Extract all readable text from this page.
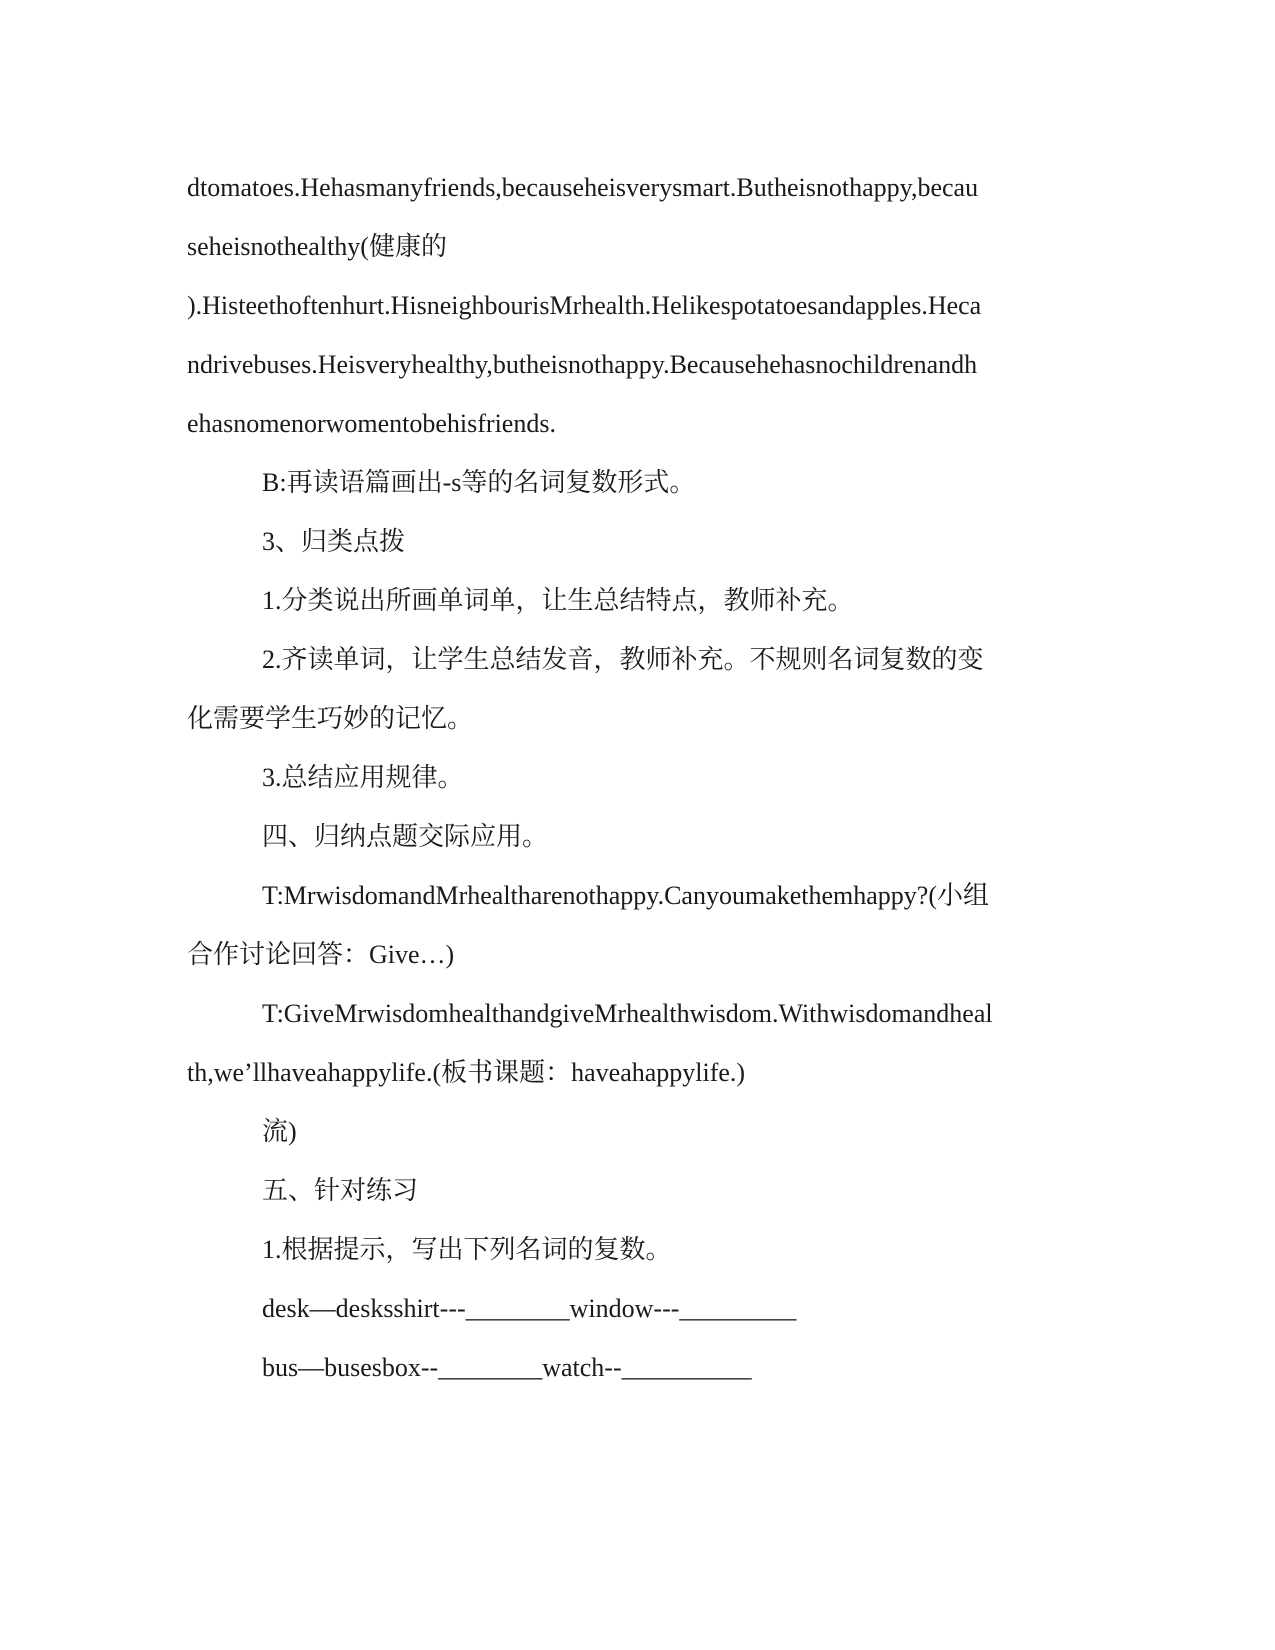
dtomatoes.Hehasmanyfriends,becauseheisverysmart.Butheisnothappy,becau
seheisnothealthy(健康的
).Histeethoftenhurt.HisneighbourisMrhealth.Helikespotatoesandapples.Heca
ndrivebuses.Heisveryhealthy,butheisnothappy.Becausehehasnochildrenandh
ehasnomenorwomentobehisfriends.
B:再读语篇画出-s等的名词复数形式。
3、归类点拨
1.分类说出所画单词单，让生总结特点，教师补充。
2.齐读单词，让学生总结发音，教师补充。不规则名词复数的变
化需要学生巧妙的记忆。
3.总结应用规律。
四、归纳点题交际应用。
T:MrwisdomandMrhealtharenothappy.Canyoumakethemhappy?(小组
合作讨论回答：Give…)
T:GiveMrwisdomhealthandgiveMrhealthwisdom.Withwisdomandheal
th,we’llhaveahappylife.(板书课题：haveahappylife.)
流)
五、针对练习
1.根据提示，写出下列名词的复数。
desk—desksshirt---________window---_________
bus—busesbox--________watch--__________
